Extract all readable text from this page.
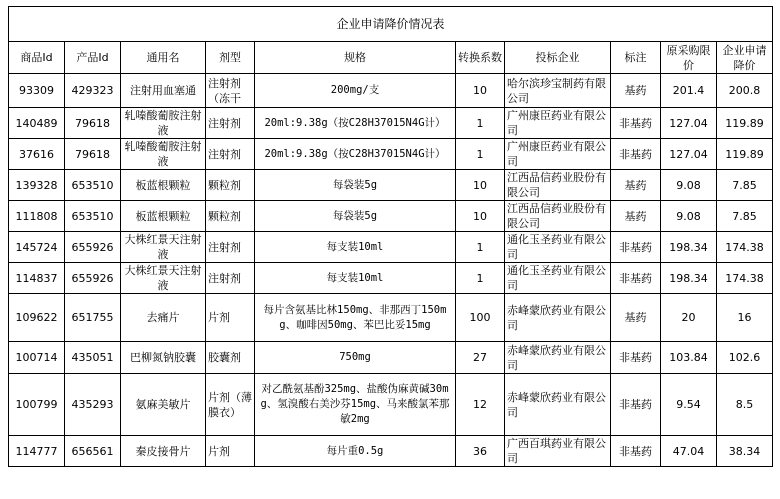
企业申请降价情况表									
商品Id	产品Id	通用名	剂型	规格	转换系数	投标企业	标注	原采购限价	企业申请降价
93309	429323	注射用血塞通	注射剂（冻干	200mg/支	10	哈尔滨珍宝制药有限公司	基药	201.4	200.8
140489	79618	轧嗪酸葡胺注射液	注射剂	20ml:9.38g（按C28H37015N4G计）	1	广州康臣药业有限公司	非基药	127.04	119.89
37616	79618	轧嗪酸葡胺注射液	注射剂	20ml:9.38g（按C28H37015N4G计）	1	广州康臣药业有限公司	非基药	127.04	119.89
139328	653510	板蓝根颗粒	颗粒剂	每袋装5g	10	江西品信药业股份有限公司	基药	9.08	7.85
111808	653510	板蓝根颗粒	颗粒剂	每袋装5g	10	江西品信药业股份有限公司	基药	9.08	7.85
145724	655926	大株红景天注射液	注射剂	每支装10ml	1	通化玉圣药业有限公司	非基药	198.34	174.38
114837	655926	大株红景天注射液	注射剂	每支装10ml	1	通化玉圣药业有限公司	非基药	198.34	174.38
109622	651755	去痛片	片剂	每片含氨基比林150mg、非那西丁150mg、咖啡因50mg、苯巴比妥15mg	100	赤峰蒙欣药业有限公司	基药	20	16
100714	435051	巴柳氮钠胶囊	胶囊剂	750mg	27	赤峰蒙欣药业有限公司	非基药	103.84	102.6
100799	435293	氨麻美敏片	片剂（薄膜衣）	对乙酰氨基酚325mg、盐酸伪麻黄碱30mg、氢溴酸右美沙芬15mg、马来酸氯苯那敏2mg	12	赤峰蒙欣药业有限公司	非基药	9.54	8.5
114777	656561	秦皮接骨片	片剂	每片重0.5g	36	广西百琪药业有限公司	非基药	47.04	38.34
